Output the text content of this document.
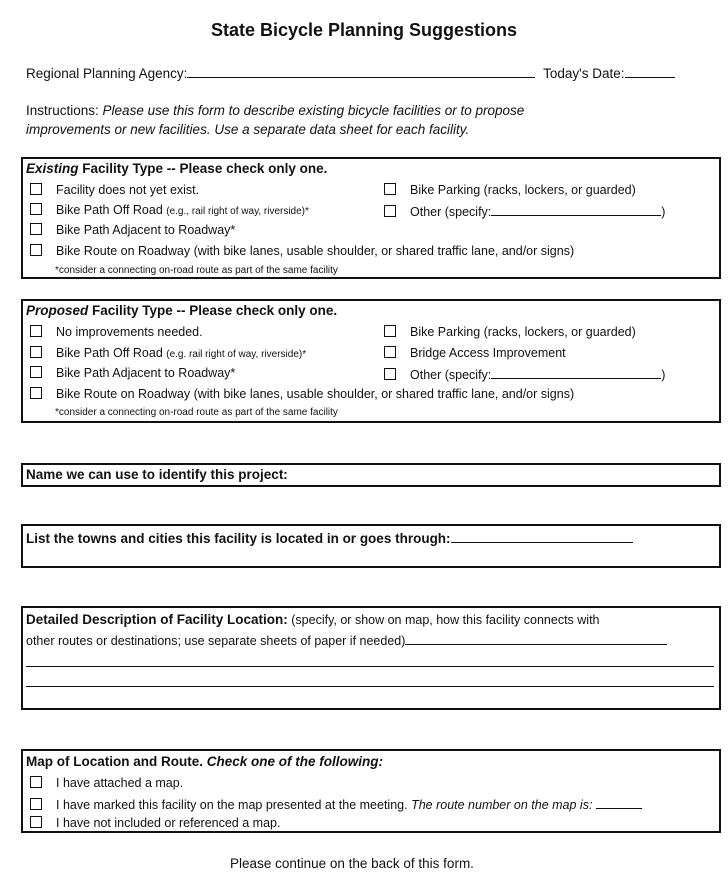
State Bicycle Planning Suggestions
Regional Planning Agency:	Today's Date:
Instructions: Please use this form to describe existing bicycle facilities or to propose
improvements or new facilities. Use a separate data sheet for each facility.
Existing Facility Type -- Please check only one.
Facility does not yet exist.
Bike Path Off Road (e.g., rail right of way, riverside)*
Bike Path Adjacent to Roadway*
Bike Route on Roadway (with bike lanes, usable shoulder, or shared traffic lane, and/or signs)
Bike Parking (racks, lockers, or guarded)
Other (specify:	)
*consider a connecting on-road route as part of the same facility
Proposed Facility Type -- Please check only one.
No improvements needed.
Bike Path Off Road (e.g. rail right of way, riverside)*
Bike Path Adjacent to Roadway*
Bike Route on Roadway (with bike lanes, usable shoulder, or shared traffic lane, and/or signs)
Bike Parking (racks, lockers, or guarded)
Bridge Access Improvement
Other (specify:	)
*consider a connecting on-road route as part of the same facility
Name we can use to identify this project:
List the towns and cities this facility is located in or goes through:
Detailed Description of Facility Location: (specify, or show on map, how this facility connects with
other routes or destinations; use separate sheets of paper if needed)
Map of Location and Route. Check one of the following:
I have attached a map.
I have marked this facility on the map presented at the meeting. The route number on the map is:
I have not included or referenced a map.
Please continue on the back of this form.
